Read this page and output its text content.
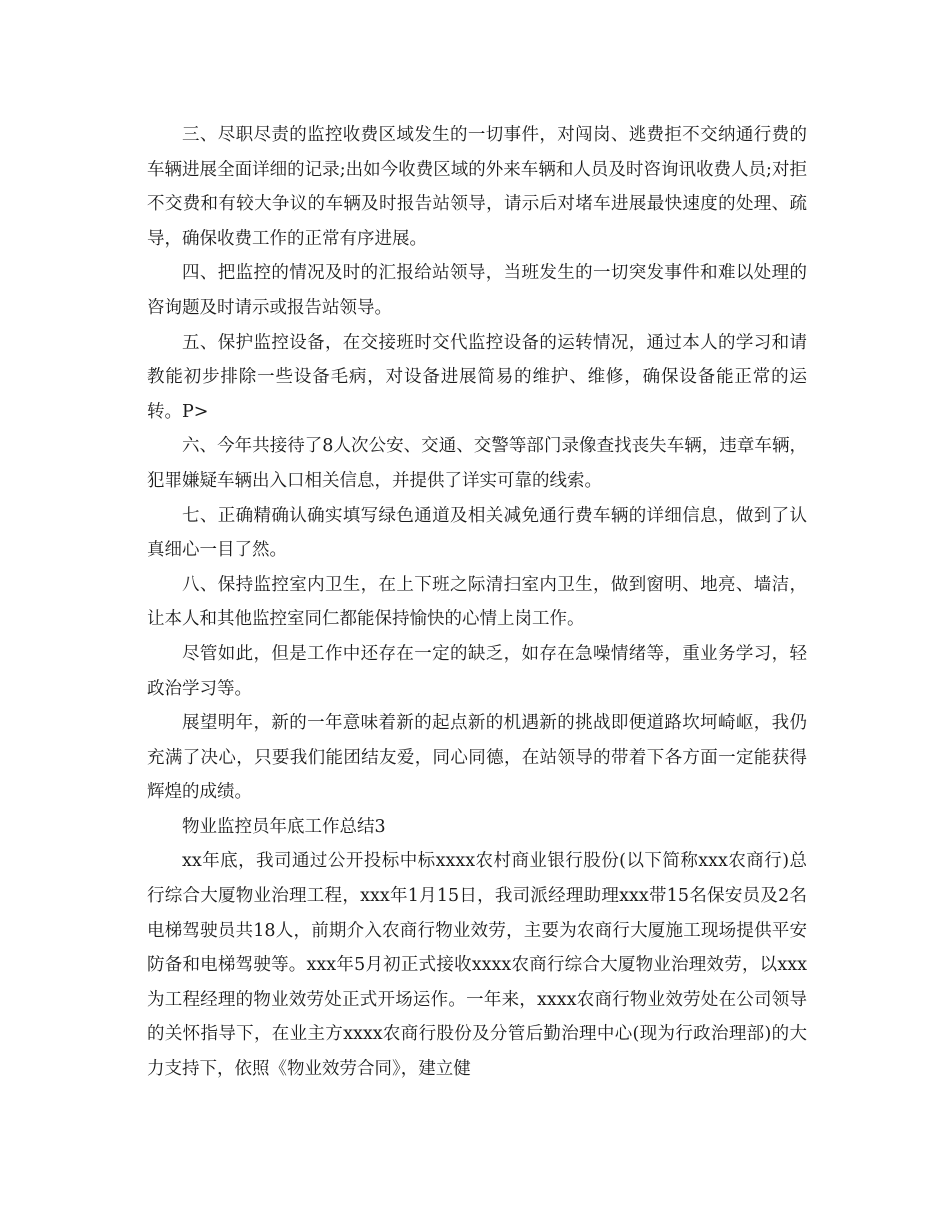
三、尽职尽责的监控收费区域发生的一切事件，对闯岗、逃费拒不交纳通行费的车辆进展全面详细的记录;出如今收费区域的外来车辆和人员及时咨询讯收费人员;对拒不交费和有较大争议的车辆及时报告站领导，请示后对堵车进展最快速度的处理、疏导，确保收费工作的正常有序进展。

四、把监控的情况及时的汇报给站领导，当班发生的一切突发事件和难以处理的咨询题及时请示或报告站领导。

五、保护监控设备，在交接班时交代监控设备的运转情况，通过本人的学习和请教能初步排除一些设备毛病，对设备进展简易的维护、维修，确保设备能正常的运转。P>

六、今年共接待了8人次公安、交通、交警等部门录像查找丧失车辆，违章车辆，犯罪嫌疑车辆出入口相关信息，并提供了详实可靠的线索。

七、正确精确认确实填写绿色通道及相关减免通行费车辆的详细信息，做到了认真细心一目了然。

八、保持监控室内卫生，在上下班之际清扫室内卫生，做到窗明、地亮、墙洁，让本人和其他监控室同仁都能保持愉快的心情上岗工作。

尽管如此，但是工作中还存在一定的缺乏，如存在急噪情绪等，重业务学习，轻政治学习等。

展望明年，新的一年意味着新的起点新的机遇新的挑战即便道路坎坷崎岖，我仍充满了决心，只要我们能团结友爱，同心同德，在站领导的带着下各方面一定能获得辉煌的成绩。

物业监控员年底工作总结3

xx年底，我司通过公开投标中标xxxx农村商业银行股份(以下简称xxx农商行)总行综合大厦物业治理工程，xxx年1月15日，我司派经理助理xxx带15名保安员及2名电梯驾驶员共18人，前期介入农商行物业效劳，主要为农商行大厦施工现场提供平安防备和电梯驾驶等。xxx年5月初正式接收xxxx农商行综合大厦物业治理效劳，以xxx为工程经理的物业效劳处正式开场运作。一年来，xxxx农商行物业效劳处在公司领导的关怀指导下，在业主方xxxx农商行股份及分管后勤治理中心(现为行政治理部)的大力支持下，依照《物业效劳合同》，建立健
